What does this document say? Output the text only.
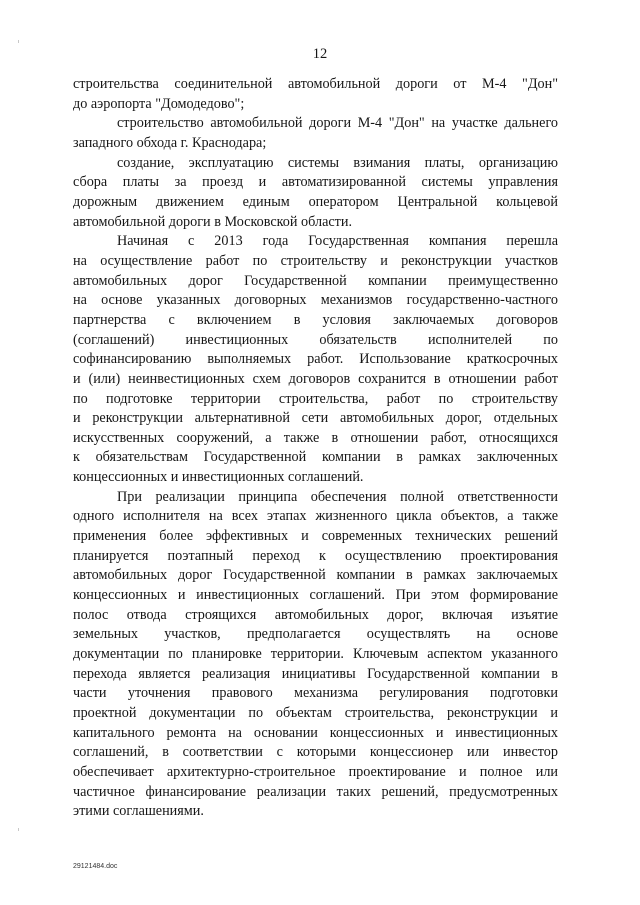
12
строительства соединительной автомобильной дороги от М-4 "Дон"
до аэропорта "Домодедово";
строительство автомобильной дороги М-4 "Дон" на участке дальнего
западного обхода г. Краснодара;
создание, эксплуатацию системы взимания платы, организацию
сбора платы за проезд и автоматизированной системы управления
дорожным движением единым оператором Центральной кольцевой
автомобильной дороги в Московской области.
Начиная с 2013 года Государственная компания перешла
на осуществление работ по строительству и реконструкции участков
автомобильных дорог Государственной компании преимущественно
на основе указанных договорных механизмов государственно-частного
партнерства с включением в условия заключаемых договоров
(соглашений) инвестиционных обязательств исполнителей по
софинансированию выполняемых работ. Использование краткосрочных
и (или) неинвестиционных схем договоров сохранится в отношении работ
по подготовке территории строительства, работ по строительству
и реконструкции альтернативной сети автомобильных дорог, отдельных
искусственных сооружений, а также в отношении работ, относящихся
к обязательствам Государственной компании в рамках заключенных
концессионных и инвестиционных соглашений.
При реализации принципа обеспечения полной ответственности
одного исполнителя на всех этапах жизненного цикла объектов, а также
применения более эффективных и современных технических решений
планируется поэтапный переход к осуществлению проектирования
автомобильных дорог Государственной компании в рамках заключаемых
концессионных и инвестиционных соглашений. При этом формирование
полос отвода строящихся автомобильных дорог, включая изъятие
земельных участков, предполагается осуществлять на основе
документации по планировке территории. Ключевым аспектом указанного
перехода является реализация инициативы Государственной компании в
части уточнения правового механизма регулирования подготовки
проектной документации по объектам строительства, реконструкции и
капитального ремонта на основании концессионных и инвестиционных
соглашений, в соответствии с которыми концессионер или инвестор
обеспечивает архитектурно-строительное проектирование и полное или
частичное финансирование реализации таких решений, предусмотренных
этими соглашениями.
29121484.doc
